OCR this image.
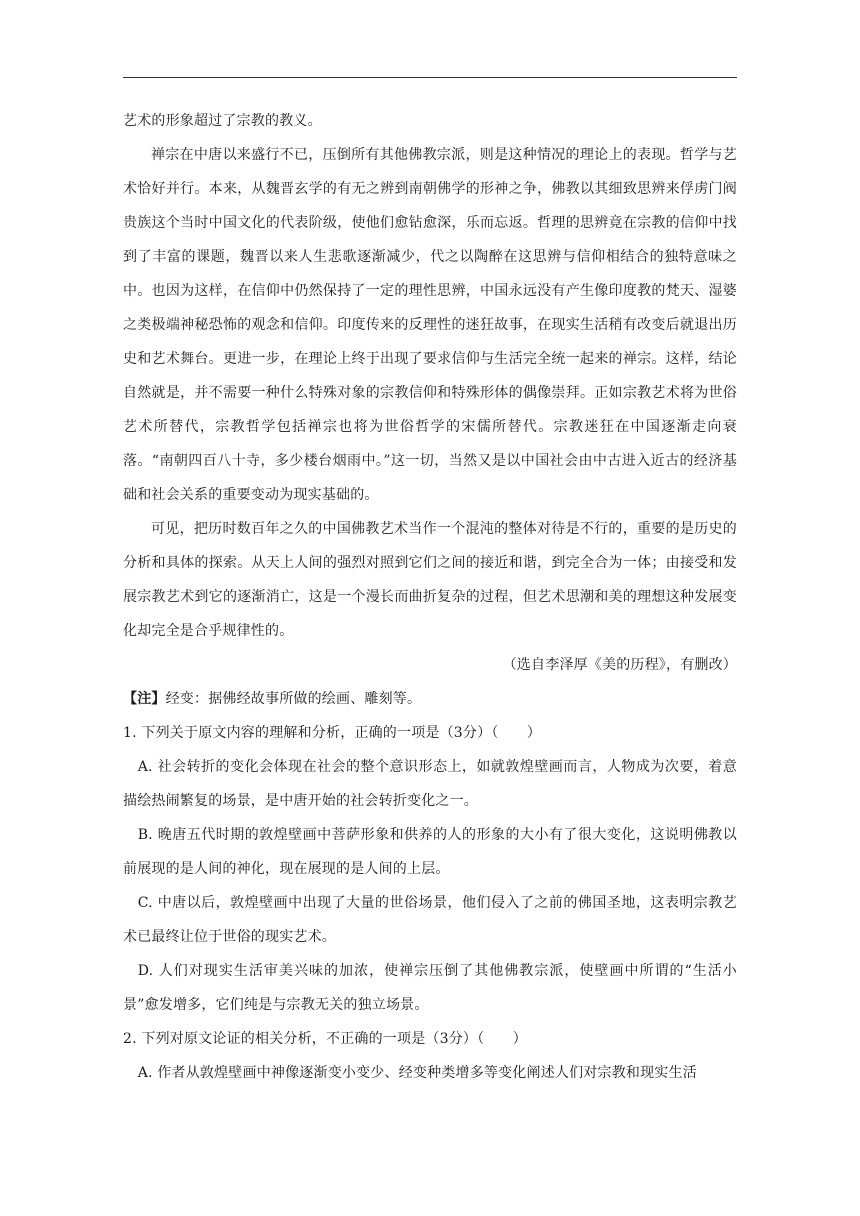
艺术的形象超过了宗教的教义。

禅宗在中唐以来盛行不已，压倒所有其他佛教宗派，则是这种情况的理论上的表现。哲学与艺术恰好并行。本来，从魏晋玄学的有无之辨到南朝佛学的形神之争，佛教以其细致思辨来俘虏门阀贵族这个当时中国文化的代表阶级，使他们愈钻愈深，乐而忘返。哲理的思辨竟在宗教的信仰中找到了丰富的课题，魏晋以来人生悲歌逐渐减少，代之以陶醉在这思辨与信仰相结合的独特意味之中。也因为这样，在信仰中仍然保持了一定的理性思辨，中国永远没有产生像印度教的梵天、湿婆之类极端神秘恐怖的观念和信仰。印度传来的反理性的迷狂故事，在现实生活稍有改变后就退出历史和艺术舞台。更进一步，在理论上终于出现了要求信仰与生活完全统一起来的禅宗。这样，结论自然就是，并不需要一种什么特殊对象的宗教信仰和特殊形体的偶像崇拜。正如宗教艺术将为世俗艺术所替代，宗教哲学包括禅宗也将为世俗哲学的宋儒所替代。宗教迷狂在中国逐渐走向衰落。“南朝四百八十寺，多少楼台烟雨中。”这一切，当然又是以中国社会由中古进入近古的经济基础和社会关系的重要变动为现实基础的。

可见，把历时数百年之久的中国佛教艺术当作一个混沌的整体对待是不行的，重要的是历史的分析和具体的探索。从天上人间的强烈对照到它们之间的接近和谐，到完全合为一体；由接受和发展宗教艺术到它的逐渐消亡，这是一个漫长而曲折复杂的过程，但艺术思潮和美的理想这种发展变化却完全是合乎规律性的。

（选自李泽厚《美的历程》，有删改）

【注】经变：据佛经故事所做的绘画、雕刻等。

1. 下列关于原文内容的理解和分析，正确的一项是（3分）（　　）

A. 社会转折的变化会体现在社会的整个意识形态上，如就敦煌壁画而言，人物成为次要，着意描绘热闹繁复的场景，是中唐开始的社会转折变化之一。

B. 晚唐五代时期的敦煌壁画中菩萨形象和供养的人的形象的大小有了很大变化，这说明佛教以前展现的是人间的神化，现在展现的是人间的上层。

C. 中唐以后，敦煌壁画中出现了大量的世俗场景，他们侵入了之前的佛国圣地，这表明宗教艺术已最终让位于世俗的现实艺术。

D. 人们对现实生活审美兴味的加浓，使禅宗压倒了其他佛教宗派，使壁画中所谓的“生活小景”愈发增多，它们纯是与宗教无关的独立场景。

2. 下列对原文论证的相关分析，不正确的一项是（3分）（　　）

A. 作者从敦煌壁画中神像逐渐变小变少、经变种类增多等变化阐述人们对宗教和现实生活
